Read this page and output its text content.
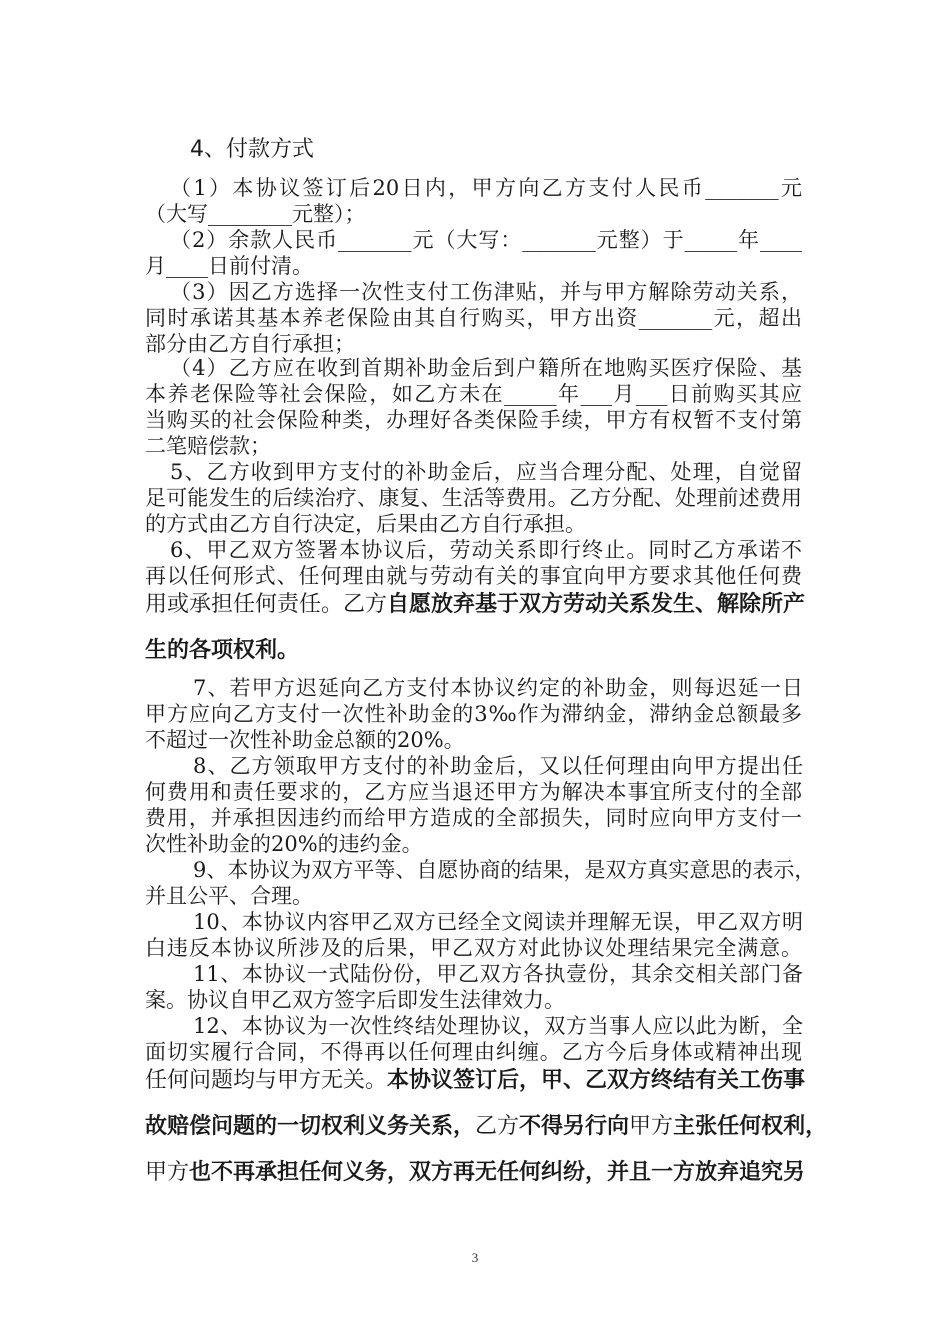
4、付款方式
（1）本协议签订后20日内，甲方向乙方支付人民币_______元
（大写________元整）；
（2）余款人民币_______元（大写：_______元整）于_____年____
月____日前付清。
（3）因乙方选择一次性支付工伤津贴，并与甲方解除劳动关系，
同时承诺其基本养老保险由其自行购买，甲方出资_______元，超出
部分由乙方自行承担；
（4）乙方应在收到首期补助金后到户籍所在地购买医疗保险、基
本养老保险等社会保险，如乙方未在_____年___月___日前购买其应
当购买的社会保险种类，办理好各类保险手续，甲方有权暂不支付第
二笔赔偿款；
5、乙方收到甲方支付的补助金后，应当合理分配、处理，自觉留
足可能发生的后续治疗、康复、生活等费用。乙方分配、处理前述费用
的方式由乙方自行决定，后果由乙方自行承担。
6、甲乙双方签署本协议后，劳动关系即行终止。同时乙方承诺不
再以任何形式、任何理由就与劳动有关的事宜向甲方要求其他任何费
用或承担任何责任。乙方自愿放弃基于双方劳动关系发生、解除所产
生的各项权利。
7、若甲方迟延向乙方支付本协议约定的补助金，则每迟延一日
甲方应向乙方支付一次性补助金的3‰作为滞纳金，滞纳金总额最多
不超过一次性补助金总额的20%。
8、乙方领取甲方支付的补助金后，又以任何理由向甲方提出任
何费用和责任要求的，乙方应当退还甲方为解决本事宜所支付的全部
费用，并承担因违约而给甲方造成的全部损失，同时应向甲方支付一
次性补助金的20%的违约金。
9、本协议为双方平等、自愿协商的结果，是双方真实意思的表示，
并且公平、合理。
10、本协议内容甲乙双方已经全文阅读并理解无误，甲乙双方明
白违反本协议所涉及的后果，甲乙双方对此协议处理结果完全满意。
11、本协议一式陆份份，甲乙双方各执壹份，其余交相关部门备
案。协议自甲乙双方签字后即发生法律效力。
12、本协议为一次性终结处理协议，双方当事人应以此为断，全
面切实履行合同，不得再以任何理由纠缠。乙方今后身体或精神出现
任何问题均与甲方无关。本协议签订后，甲、乙双方终结有关工伤事
故赔偿问题的一切权利义务关系，乙方不得另行向甲方主张任何权利，
甲方也不再承担任何义务，双方再无任何纠纷，并且一方放弃追究另
3
